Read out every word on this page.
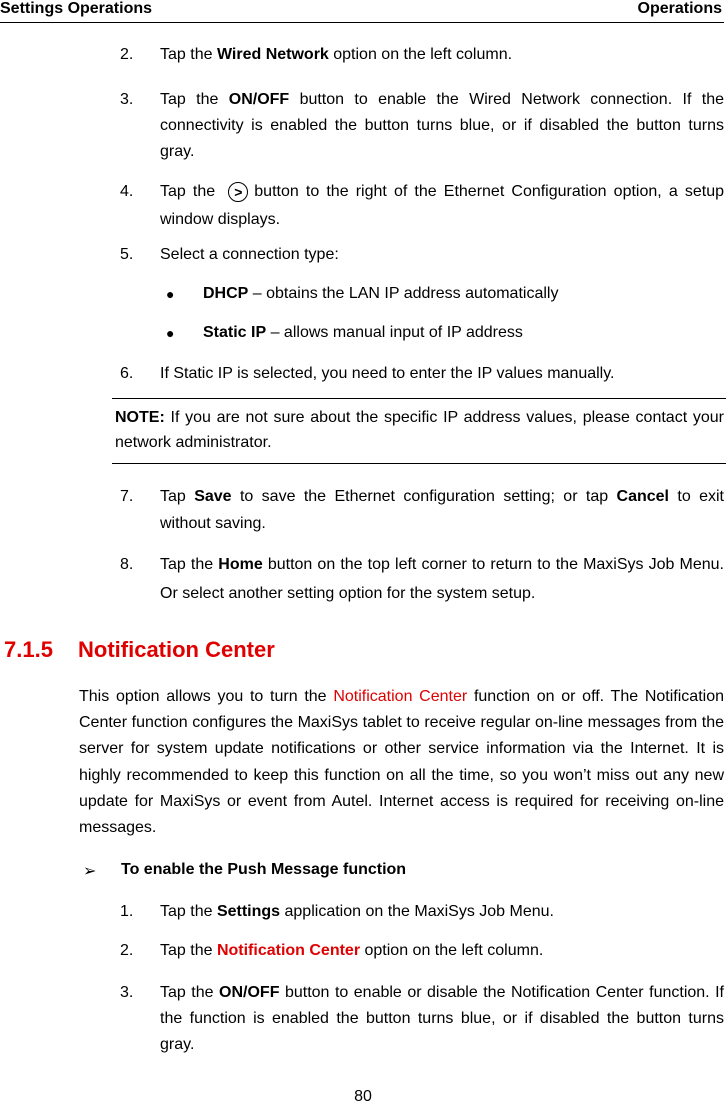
Settings Operations	Operations
2. Tap the Wired Network option on the left column.
3. Tap the ON/OFF button to enable the Wired Network connection. If the connectivity is enabled the button turns blue, or if disabled the button turns gray.
4. Tap the > button to the right of the Ethernet Configuration option, a setup window displays.
5. Select a connection type:
● DHCP – obtains the LAN IP address automatically
● Static IP – allows manual input of IP address
6. If Static IP is selected, you need to enter the IP values manually.
NOTE: If you are not sure about the specific IP address values, please contact your network administrator.
7. Tap Save to save the Ethernet configuration setting; or tap Cancel to exit without saving.
8. Tap the Home button on the top left corner to return to the MaxiSys Job Menu. Or select another setting option for the system setup.
7.1.5 Notification Center
This option allows you to turn the Notification Center function on or off. The Notification Center function configures the MaxiSys tablet to receive regular on-line messages from the server for system update notifications or other service information via the Internet. It is highly recommended to keep this function on all the time, so you won’t miss out any new update for MaxiSys or event from Autel. Internet access is required for receiving on-line messages.
➢ To enable the Push Message function
1. Tap the Settings application on the MaxiSys Job Menu.
2. Tap the Notification Center option on the left column.
3. Tap the ON/OFF button to enable or disable the Notification Center function. If the function is enabled the button turns blue, or if disabled the button turns gray.
80
